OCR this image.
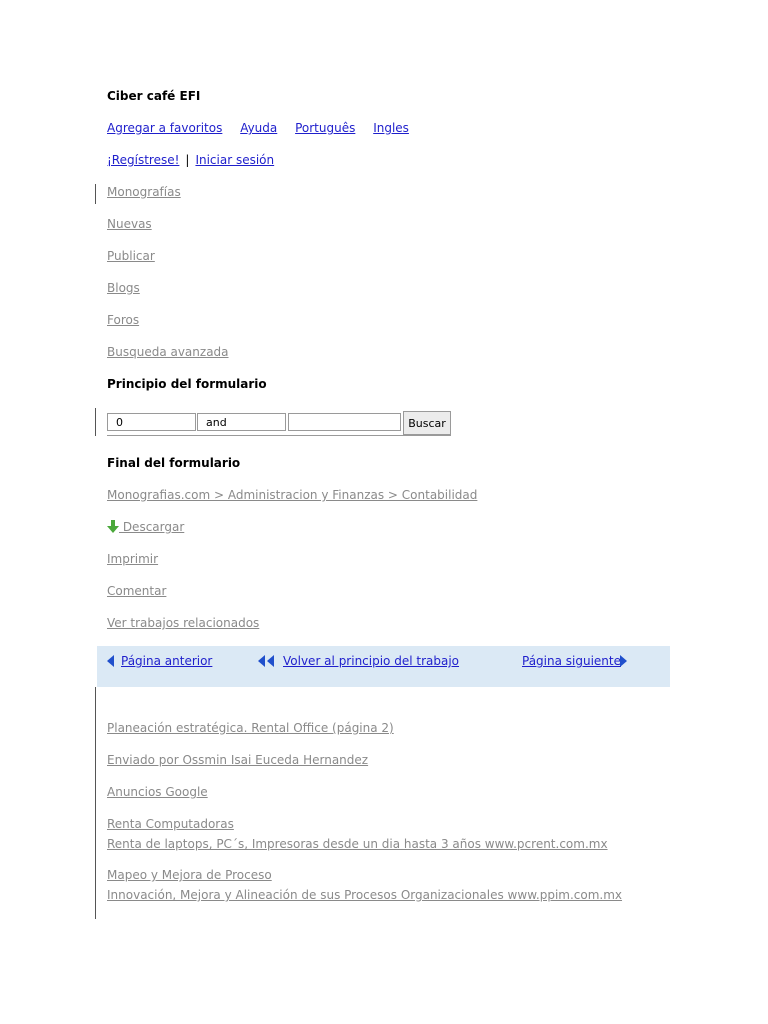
Ciber café EFI
Agregar a favoritos Ayuda Português Ingles
¡Regístrese! | Iniciar sesión
Monografías
Nuevas
Publicar
Blogs
Foros
Busqueda avanzada
Principio del formulario
0
and
Buscar
Final del formulario
Monografias.com > Administracion y Finanzas > Contabilidad
Descargar
Imprimir
Comentar
Ver trabajos relacionados
Página anterior	Volver al principio del trabajo	Página siguiente
Planeación estratégica. Rental Office (página 2)
Enviado por Ossmin Isai Euceda Hernandez
Anuncios Google
Renta Computadoras
Renta de laptops, PC´s, Impresoras desde un dia hasta 3 años www.pcrent.com.mx
Mapeo y Mejora de Proceso
Innovación, Mejora y Alineación de sus Procesos Organizacionales www.ppim.com.mx
